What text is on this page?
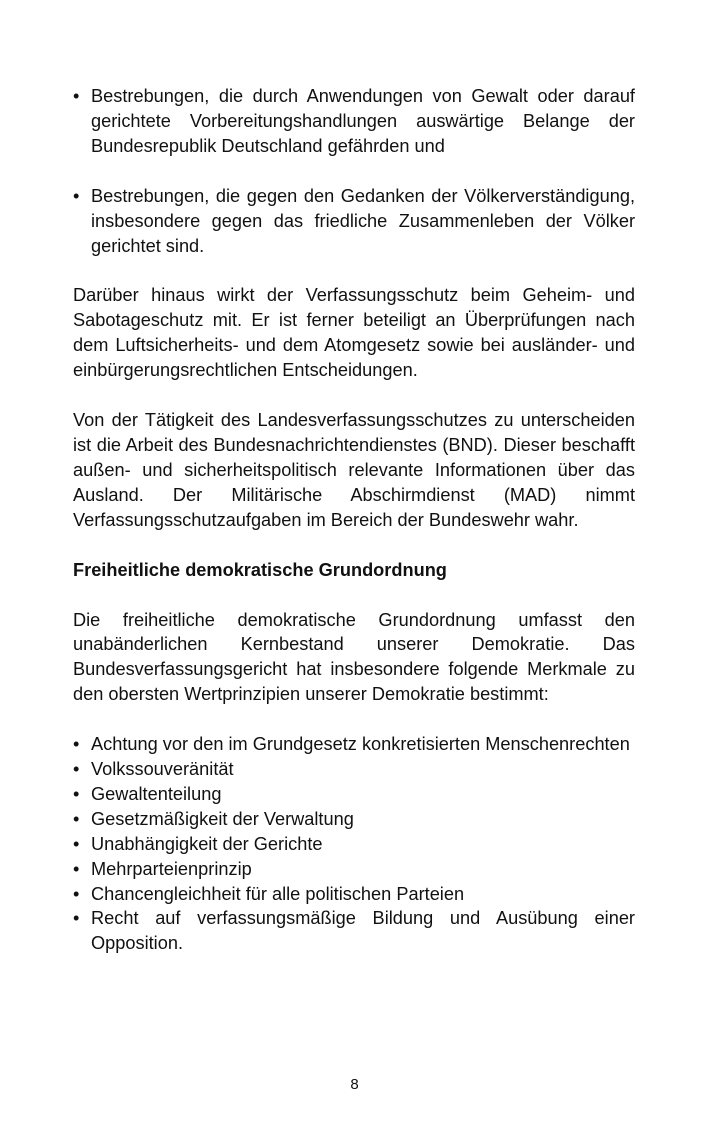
• Bestrebungen, die durch Anwendungen von Gewalt oder darauf gerichtete Vorbereitungshandlungen auswärtige Belange der Bundesrepublik Deutschland gefährden und
• Bestrebungen, die gegen den Gedanken der Völkerverständigung, insbesondere gegen das friedliche Zusammenleben der Völker gerichtet sind.

Darüber hinaus wirkt der Verfassungsschutz beim Geheim- und Sabotageschutz mit. Er ist ferner beteiligt an Überprüfungen nach dem Luftsicherheits- und dem Atomgesetz sowie bei ausländer- und einbürgerungsrechtlichen Entscheidungen.

Von der Tätigkeit des Landesverfassungsschutzes zu unterscheiden ist die Arbeit des Bundesnachrichtendienstes (BND). Dieser beschafft außen- und sicherheitspolitisch relevante Informationen über das Ausland. Der Militärische Abschirmdienst (MAD) nimmt Verfassungsschutzaufgaben im Bereich der Bundeswehr wahr.

Freiheitliche demokratische Grundordnung

Die freiheitliche demokratische Grundordnung umfasst den unabänderlichen Kernbestand unserer Demokratie. Das Bundesverfassungsgericht hat insbesondere folgende Merkmale zu den obersten Wertprinzipien unserer Demokratie bestimmt:

• Achtung vor den im Grundgesetz konkretisierten Menschenrechten
• Volkssouveränität
• Gewaltenteilung
• Gesetzmäßigkeit der Verwaltung
• Unabhängigkeit der Gerichte
• Mehrparteienprinzip
• Chancengleichheit für alle politischen Parteien
• Recht auf verfassungsmäßige Bildung und Ausübung einer Opposition.
8
